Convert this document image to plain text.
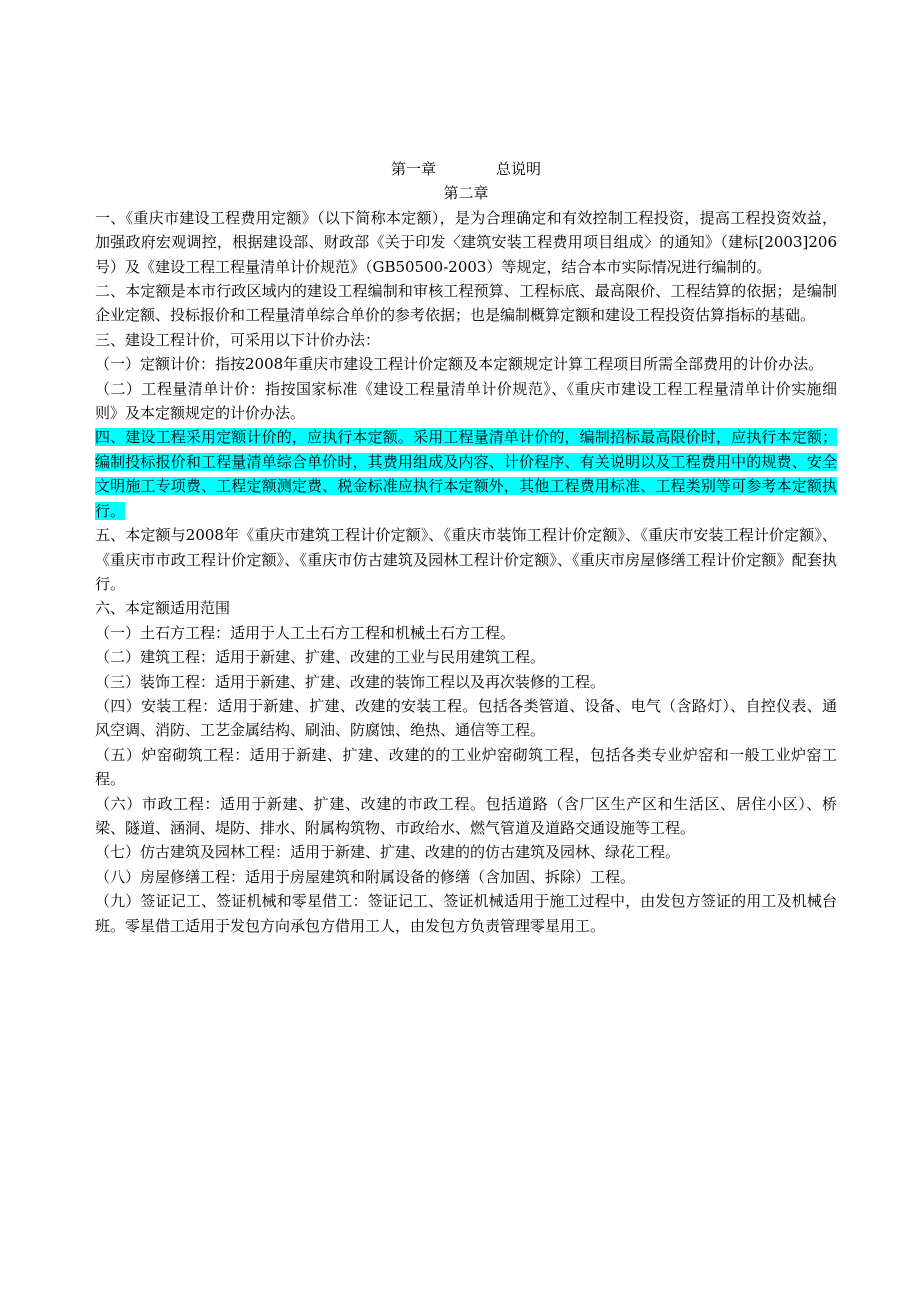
第一章	总说明
第二章

一、《重庆市建设工程费用定额》（以下简称本定额），是为合理确定和有效控制工程投资，提高工程投资效益，加强政府宏观调控，根据建设部、财政部《关于印发〈建筑安装工程费用项目组成〉的通知》（建标[2003]206号）及《建设工程工程量清单计价规范》（GB50500-2003）等规定，结合本市实际情况进行编制的。

二、本定额是本市行政区域内的建设工程编制和审核工程预算、工程标底、最高限价、工程结算的依据；是编制企业定额、投标报价和工程量清单综合单价的参考依据；也是编制概算定额和建设工程投资估算指标的基础。

三、建设工程计价，可采用以下计价办法：

（一）定额计价：指按2008年重庆市建设工程计价定额及本定额规定计算工程项目所需全部费用的计价办法。

（二）工程量清单计价：指按国家标准《建设工程量清单计价规范》、《重庆市建设工程工程量清单计价实施细则》及本定额规定的计价办法。

四、建设工程采用定额计价的，应执行本定额。采用工程量清单计价的，编制招标最高限价时，应执行本定额；编制投标报价和工程量清单综合单价时，其费用组成及内容、计价程序、有关说明以及工程费用中的规费、安全文明施工专项费、工程定额测定费、税金标准应执行本定额外，其他工程费用标准、工程类别等可参考本定额执行。

五、本定额与2008年《重庆市建筑工程计价定额》、《重庆市装饰工程计价定额》、《重庆市安装工程计价定额》、《重庆市市政工程计价定额》、《重庆市仿古建筑及园林工程计价定额》、《重庆市房屋修缮工程计价定额》配套执行。

六、本定额适用范围

（一）土石方工程：适用于人工土石方工程和机械土石方工程。

（二）建筑工程：适用于新建、扩建、改建的工业与民用建筑工程。

（三）装饰工程：适用于新建、扩建、改建的装饰工程以及再次装修的工程。

（四）安装工程：适用于新建、扩建、改建的安装工程。包括各类管道、设备、电气（含路灯）、自控仪表、通风空调、消防、工艺金属结构、刷油、防腐蚀、绝热、通信等工程。

（五）炉窑砌筑工程：适用于新建、扩建、改建的的工业炉窑砌筑工程，包括各类专业炉窑和一般工业炉窑工程。

（六）市政工程：适用于新建、扩建、改建的市政工程。包括道路（含厂区生产区和生活区、居住小区）、桥梁、隧道、涵洞、堤防、排水、附属构筑物、市政给水、燃气管道及道路交通设施等工程。

（七）仿古建筑及园林工程：适用于新建、扩建、改建的的仿古建筑及园林、绿花工程。

（八）房屋修缮工程：适用于房屋建筑和附属设备的修缮（含加固、拆除）工程。

（九）签证记工、签证机械和零星借工：签证记工、签证机械适用于施工过程中，由发包方签证的用工及机械台班。零星借工适用于发包方向承包方借用工人，由发包方负责管理零星用工。
